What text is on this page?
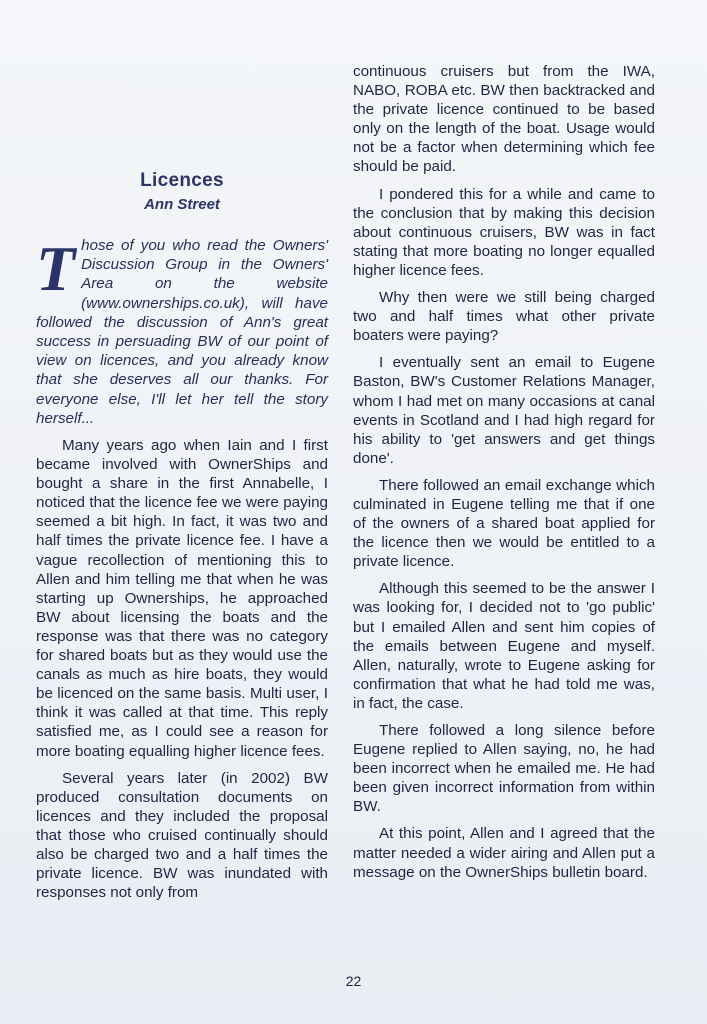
Licences
Ann Street
Those of you who read the Owners' Discussion Group in the Owners' Area on the website (www.ownerships.co.uk), will have followed the discussion of Ann's great success in persuading BW of our point of view on licences, and you already know that she deserves all our thanks. For everyone else, I'll let her tell the story herself...

Many years ago when Iain and I first became involved with OwnerShips and bought a share in the first Annabelle, I noticed that the licence fee we were paying seemed a bit high. In fact, it was two and half times the private licence fee. I have a vague recollection of mentioning this to Allen and him telling me that when he was starting up Ownerships, he approached BW about licensing the boats and the response was that there was no category for shared boats but as they would use the canals as much as hire boats, they would be licenced on the same basis. Multi user, I think it was called at that time. This reply satisfied me, as I could see a reason for more boating equalling higher licence fees.

Several years later (in 2002) BW produced consultation documents on licences and they included the proposal that those who cruised continually should also be charged two and a half times the private licence. BW was inundated with responses not only from

continuous cruisers but from the IWA, NABO, ROBA etc. BW then backtracked and the private licence continued to be based only on the length of the boat. Usage would not be a factor when determining which fee should be paid.

I pondered this for a while and came to the conclusion that by making this decision about continuous cruisers, BW was in fact stating that more boating no longer equalled higher licence fees.

Why then were we still being charged two and half times what other private boaters were paying?

I eventually sent an email to Eugene Baston, BW's Customer Relations Manager, whom I had met on many occasions at canal events in Scotland and I had high regard for his ability to 'get answers and get things done'.

There followed an email exchange which culminated in Eugene telling me that if one of the owners of a shared boat applied for the licence then we would be entitled to a private licence.

Although this seemed to be the answer I was looking for, I decided not to 'go public' but I emailed Allen and sent him copies of the emails between Eugene and myself. Allen, naturally, wrote to Eugene asking for confirmation that what he had told me was, in fact, the case.

There followed a long silence before Eugene replied to Allen saying, no, he had been incorrect when he emailed me. He had been given incorrect information from within BW.

At this point, Allen and I agreed that the matter needed a wider airing and Allen put a message on the OwnerShips bulletin board.

22
